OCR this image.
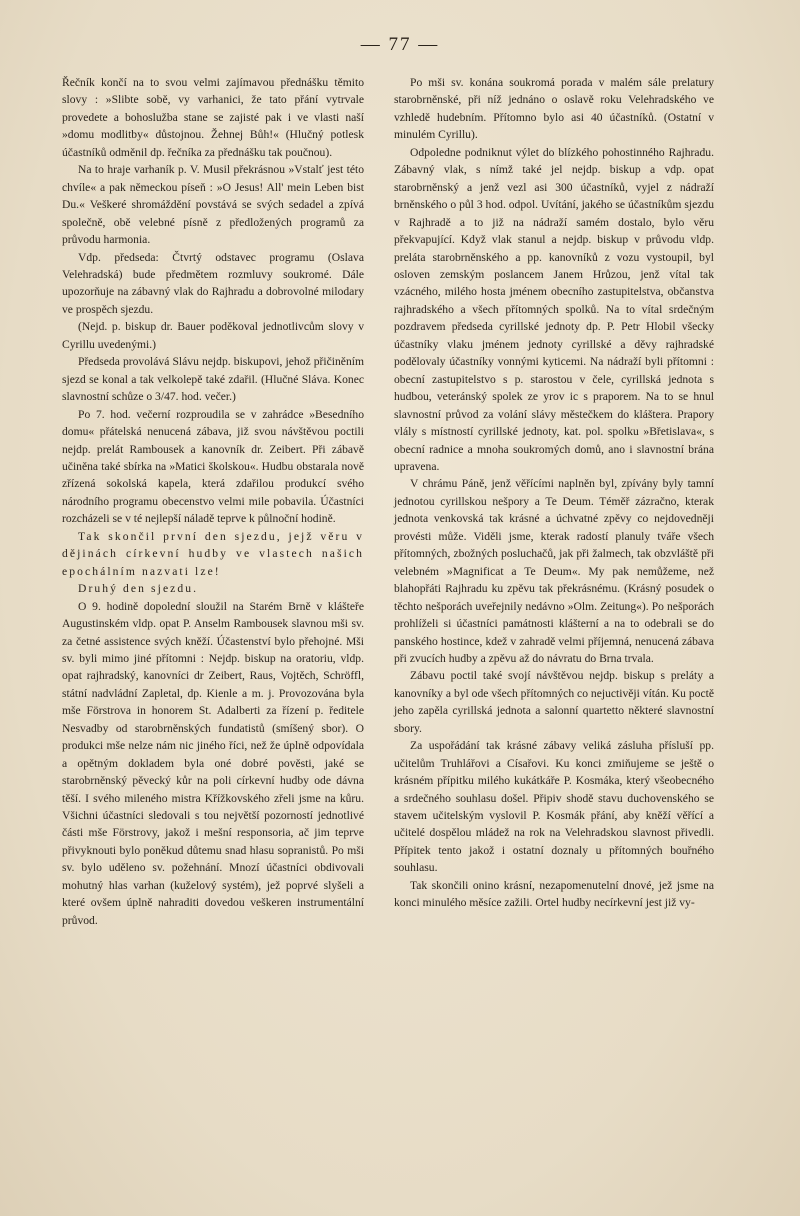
— 77 —

Řečník končí na to svou velmi zajímavou přednášku těmito slovy : »Slibte sobě, vy varhanici, že tato přání vytrvale provedete a bohoslužba stane se zajisté pak i ve vlasti naší »domu modlitby« důstojnou. Žehnej Bůh!« (Hlučný potlesk účastníků odměnil dp. řečníka za přednášku tak poučnou).

Na to hraje varhaník p. V. Musil překrásnou »Vstalť jest této chvíle« a pak německou píseň : »O Jesus! All' mein Leben bist Du.« Veškeré shromáždění povstává se svých sedadel a zpívá společně, obě velebné písně z předložených programů za průvodu harmonia.

Vdp. předseda: Čtvrtý odstavec programu (Oslava Velehradská) bude předmětem rozmluvy soukromé. Dále upozorňuje na zábavný vlak do Rajhradu a dobrovolné milodary ve prospěch sjezdu.

(Nejd. p. biskup dr. Bauer poděkoval jednotlivcům slovy v Cyrillu uvedenými.)

Předseda provolává Slávu nejdp. biskupovi, jehož přičiněním sjezd se konal a tak velkolepě také zdařil. (Hlučné Sláva. Konec slavnostní schůze o 3/47. hod. večer.)

Po 7. hod. večerní rozproudila se v zahrádce »Besedního domu« přátelská nenucená zábava, již svou návštěvou poctili nejdp. prelát Rambousek a kanovník dr. Zeibert. Při zábavě učiněna také sbírka na »Matici školskou«. Hudbu obstarala nově zřízená sokolská kapela, která zdařilou produkcí svého národního programu obecenstvo velmi mile pobavila. Účastníci rozcházeli se v té nejlepší náladě teprve k půlnoční hodině.

Tak skončil první den sjezdu, jejž věru v dějinách církevní hudby ve vlastech našich epochálním nazvati lze!

Druhý den sjezdu.

O 9. hodině dopolední sloužil na Starém Brně v klášteře Augustinském vldp. opat P. Anselm Rambousek slavnou mši sv. za četné assistence svých kněží. Účastenství bylo přehojné. Mši sv. byli mimo jiné přítomni : Nejdp. biskup na oratoriu, vldp. opat rajhradský, kanovníci dr Zeibert, Raus, Vojtěch, Schröffl, státní nadvládní Zapletal, dp. Kienle a m. j. Provozována byla mše Förstrova in honorem St. Adalberti za řízení p. ředitele Nesvadby od starobrněnských fundatistů (smíšený sbor). O produkci mše nelze nám nic jiného říci, než že úplně odpovídala a opětným dokladem byla oné dobré pověsti, jaké se starobrněnský pěvecký kůr na poli církevní hudby ode dávna těší. I svého mileného mistra Křížkovského zřeli jsme na kůru. Všichni účastníci sledovali s tou největší pozorností jednotlivé části mše Förstrovy, jakož i mešní responsoria, ač jim teprve přivyknouti bylo poněkud důtemu snad hlasu sopranistů. Po mši sv. bylo uděleno sv. požehnání. Mnozí účastníci obdivovali mohutný hlas varhan (kuželový systém), jež poprvé slyšeli a které ovšem úplně nahraditi dovedou veškeren instrumentální průvod.

Po mši sv. konána soukromá porada v malém sále prelatury starobrněnské, při níž jednáno o oslavě roku Velehradského ve vzhledě hudebním. Přítomno bylo asi 40 účastníků. (Ostatní v minulém Cyrillu).

Odpoledne podniknut výlet do blízkého pohostinného Rajhradu. Zábavný vlak, s nímž také jel nejdp. biskup a vdp. opat starobrněnský a jenž vezl asi 300 účastníků, vyjel z nádraží brněnského o půl 3 hod. odpol. Uvítání, jakého se účastníkům sjezdu v Rajhradě a to již na nádraží samém dostalo, bylo věru překvapující. Když vlak stanul a nejdp. biskup v průvodu vldp. preláta starobrněnského a pp. kanovníků z vozu vystoupil, byl osloven zemským poslancem Janem Hrůzou, jenž vítal tak vzácného, milého hosta jménem obecního zastupitelstva, občanstva rajhradského a všech přítomných spolků. Na to vítal srdečným pozdravem předseda cyrillské jednoty dp. P. Petr Hlobil všecky účastníky vlaku jménem jednoty cyrillské a děvy rajhradské podělovaly účastníky vonnými kyticemi. Na nádraží byli přítomni : obecní zastupitelstvo s p. starostou v čele, cyrillská jednota s hudbou, veteránský spolek ze yrov ic s praporem. Na to se hnul slavnostní průvod za volání slávy městečkem do kláštera. Prapory vlály s místností cyrillské jednoty, kat. pol. spolku »Břetislava«, s obecní radnice a mnoha soukromých domů, ano i slavnostní brána upravena.

V chrámu Páně, jenž věřícími naplněn byl, zpívány byly tamní jednotou cyrillskou nešpory a Te Deum. Téměř zázračno, kterak jednota venkovská tak krásné a úchvatné zpěvy co nejdovedněji provésti může. Viděli jsme, kterak radostí planuly tváře všech přítomných, zbožných posluchačů, jak při žalmech, tak obzvláště při velebném »Magnificat a Te Deum«. My pak nemůžeme, než blahopřáti Rajhradu ku zpěvu tak překrásnému. (Krásný posudek o těchto nešporách uveřejnily nedávno »Olm. Zeitung«). Po nešporách prohlíželi si účastníci památnosti klášterní a na to odebrali se do panského hostince, kdež v zahradě velmi příjemná, nenucená zábava při zvucích hudby a zpěvu až do návratu do Brna trvala.

Zábavu poctil také svojí návštěvou nejdp. biskup s preláty a kanovníky a byl ode všech přítomných co nejuctivěji vítán. Ku poctě jeho zapěla cyrillská jednota a salonní quartetto některé slavnostní sbory.

Za uspořádání tak krásné zábavy veliká zásluha přísluší pp. učitelům Truhlářovi a Císařovi. Ku konci zmiňujeme se ještě o krásném přípitku milého kukátkáře P. Kosmáka, který všeobecného a srdečného souhlasu došel. Připiv shodě stavu duchovenského se stavem učitelským vyslovil P. Kosmák přání, aby kněží věřící a učitelé dospělou mládež na rok na Velehradskou slavnost přivedli. Přípitek tento jakož i ostatní doznaly u přítomných bouřného souhlasu.

Tak skončili onino krásní, nezapomenutelní dnové, jež jsme na konci minulého měsíce zažili. Ortel hudby necírkevní jest již vy-
